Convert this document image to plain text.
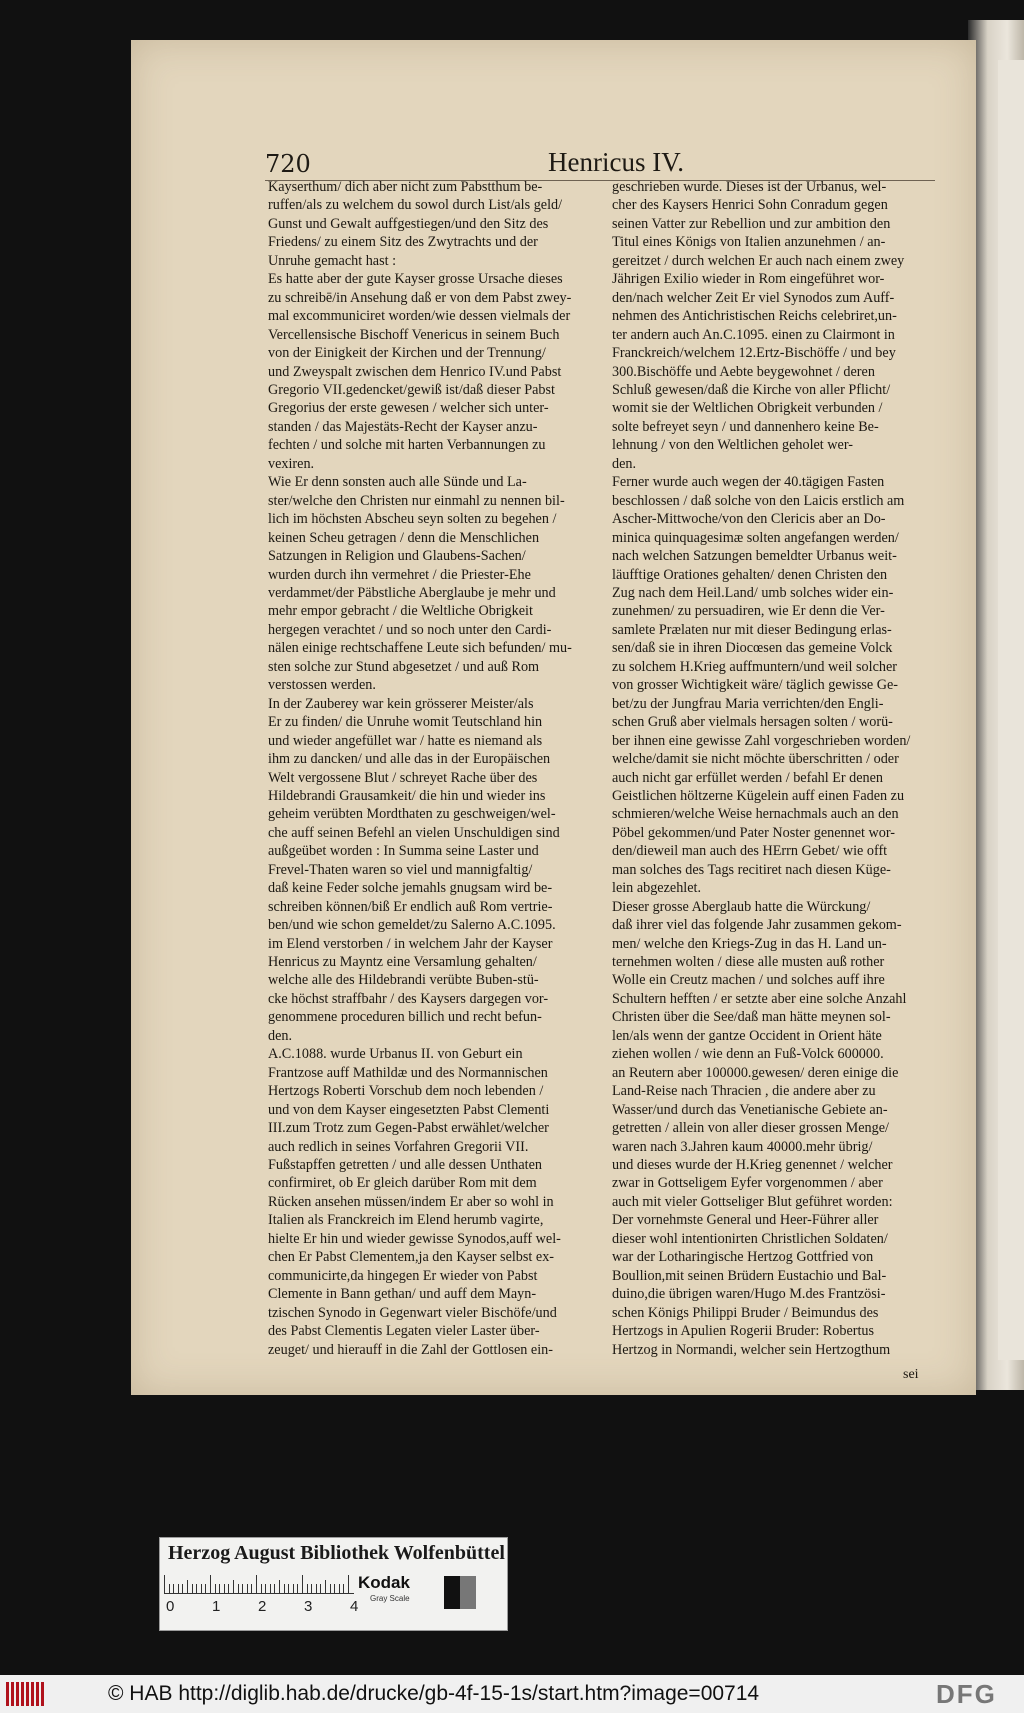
720	Henricus IV.
Kayserthum/ dich aber nicht zum Pabstthum be-
ruffen/als zu welchem du sowol durch List/als geld/
Gunst und Gewalt auffgestiegen/und den Sitz des
Friedens/ zu einem Sitz des Zwytrachts und der
Unruhe gemacht hast :
Es hatte aber der gute Kayser grosse Ursache dieses
zu schreibē/in Ansehung daß er von dem Pabst zwey-
mal excommuniciret worden/wie dessen vielmals der
Vercellensische Bischoff Venericus in seinem Buch
von der Einigkeit der Kirchen und der Trennung/
und Zweyspalt zwischen dem Henrico IV.und Pabst
Gregorio VII.gedencket/gewiß ist/daß dieser Pabst
Gregorius der erste gewesen / welcher sich unter-
standen / das Majestäts-Recht der Kayser anzu-
fechten / und solche mit harten Verbannungen zu
vexiren.
Wie Er denn sonsten auch alle Sünde und La-
ster/welche den Christen nur einmahl zu nennen bil-
lich im höchsten Abscheu seyn solten zu begehen /
keinen Scheu getragen / denn die Menschlichen
Satzungen in Religion und Glaubens-Sachen/
wurden durch ihn vermehret / die Priester-Ehe
verdammet/der Päbstliche Aberglaube je mehr und
mehr empor gebracht / die Weltliche Obrigkeit
hergegen verachtet / und so noch unter den Cardi-
nälen einige rechtschaffene Leute sich befunden/ mu-
sten solche zur Stund abgesetzet / und auß Rom
verstossen werden.
In der Zauberey war kein grösserer Meister/als
Er zu finden/ die Unruhe womit Teutschland hin
und wieder angefüllet war / hatte es niemand als
ihm zu dancken/ und alle das in der Europäischen
Welt vergossene Blut / schreyet Rache über des
Hildebrandi Grausamkeit/ die hin und wieder ins
geheim verübten Mordthaten zu geschweigen/wel-
che auff seinen Befehl an vielen Unschuldigen sind
außgeübet worden : In Summa seine Laster und
Frevel-Thaten waren so viel und mannigfaltig/
daß keine Feder solche jemahls gnugsam wird be-
schreiben können/biß Er endlich auß Rom vertrie-
ben/und wie schon gemeldet/zu Salerno A.C.1095.
im Elend verstorben / in welchem Jahr der Kayser
Henricus zu Mayntz eine Versamlung gehalten/
welche alle des Hildebrandi verübte Buben-stü-
cke höchst straffbahr / des Kaysers dargegen vor-
genommene proceduren billich und recht befun-
den.
A.C.1088. wurde Urbanus II. von Geburt ein
Frantzose auff Mathildæ und des Normannischen
Hertzogs Roberti Vorschub dem noch lebenden /
und von dem Kayser eingesetzten Pabst Clementi
III.zum Trotz zum Gegen-Pabst erwählet/welcher
auch redlich in seines Vorfahren Gregorii VII.
Fußstapffen getretten / und alle dessen Unthaten
confirmiret, ob Er gleich darüber Rom mit dem
Rücken ansehen müssen/indem Er aber so wohl in
Italien als Franckreich im Elend herumb vagirte,
hielte Er hin und wieder gewisse Synodos,auff wel-
chen Er Pabst Clementem,ja den Kayser selbst ex-
communicirte,da hingegen Er wieder von Pabst
Clemente in Bann gethan/ und auff dem Mayn-
tzischen Synodo in Gegenwart vieler Bischöfe/und
des Pabst Clementis Legaten vieler Laster über-
zeuget/ und hierauff in die Zahl der Gottlosen ein-
geschrieben wurde. Dieses ist der Urbanus, wel-
cher des Kaysers Henrici Sohn Conradum gegen
seinen Vatter zur Rebellion und zur ambition den
Titul eines Königs von Italien anzunehmen / an-
gereitzet / durch welchen Er auch nach einem zwey
Jährigen Exilio wieder in Rom eingeführet wor-
den/nach welcher Zeit Er viel Synodos zum Auff-
nehmen des Antichristischen Reichs celebriret,un-
ter andern auch An.C.1095. einen zu Clairmont in
Franckreich/welchem 12.Ertz-Bischöffe / und bey
300.Bischöffe und Aebte beygewohnet / deren
Schluß gewesen/daß die Kirche von aller Pflicht/
womit sie der Weltlichen Obrigkeit verbunden /
solte befreyet seyn / und dannenhero keine Be-
lehnung / von den Weltlichen geholet wer-
den.
Ferner wurde auch wegen der 40.tägigen Fasten
beschlossen / daß solche von den Laicis erstlich am
Ascher-Mittwoche/von den Clericis aber an Do-
minica quinquagesimæ solten angefangen werden/
nach welchen Satzungen bemeldter Urbanus weit-
läufftige Orationes gehalten/ denen Christen den
Zug nach dem Heil.Land/ umb solches wider ein-
zunehmen/ zu persuadiren, wie Er denn die Ver-
samlete Prælaten nur mit dieser Bedingung erlas-
sen/daß sie in ihren Diocœsen das gemeine Volck
zu solchem H.Krieg auffmuntern/und weil solcher
von grosser Wichtigkeit wäre/ täglich gewisse Ge-
bet/zu der Jungfrau Maria verrichten/den Engli-
schen Gruß aber vielmals hersagen solten / worü-
ber ihnen eine gewisse Zahl vorgeschrieben worden/
welche/damit sie nicht möchte überschritten / oder
auch nicht gar erfüllet werden / befahl Er denen
Geistlichen höltzerne Kügelein auff einen Faden zu
schmieren/welche Weise hernachmals auch an den
Pöbel gekommen/und Pater Noster genennet wor-
den/dieweil man auch des HErrn Gebet/ wie offt
man solches des Tags recitiret nach diesen Küge-
lein abgezehlet.
Dieser grosse Aberglaub hatte die Würckung/
daß ihrer viel das folgende Jahr zusammen gekom-
men/ welche den Kriegs-Zug in das H. Land un-
ternehmen wolten / diese alle musten auß rother
Wolle ein Creutz machen / und solches auff ihre
Schultern hefften / er setzte aber eine solche Anzahl
Christen über die See/daß man hätte meynen sol-
len/als wenn der gantze Occident in Orient häte
ziehen wollen / wie denn an Fuß-Volck 600000.
an Reutern aber 100000.gewesen/ deren einige die
Land-Reise nach Thracien , die andere aber zu
Wasser/und durch das Venetianische Gebiete an-
getretten / allein von aller dieser grossen Menge/
waren nach 3.Jahren kaum 40000.mehr übrig/
und dieses wurde der H.Krieg genennet / welcher
zwar in Gottseligem Eyfer vorgenommen / aber
auch mit vieler Gottseliger Blut geführet worden:
Der vornehmste General und Heer-Führer aller
dieser wohl intentionirten Christlichen Soldaten/
war der Lotharingische Hertzog Gottfried von
Boullion,mit seinen Brüdern Eustachio und Bal-
duino,die übrigen waren/Hugo M.des Frantzösi-
schen Königs Philippi Bruder / Beimundus des
Hertzogs in Apulien Rogerii Bruder: Robertus
Hertzog in Normandi, welcher sein Hertzogthum
sei
Herzog August Bibliothek Wolfenbüttel
0	1	2	3	4
Kodak
Gray Scale
© HAB http://diglib.hab.de/drucke/gb-4f-15-1s/start.htm?image=00714	DFG
